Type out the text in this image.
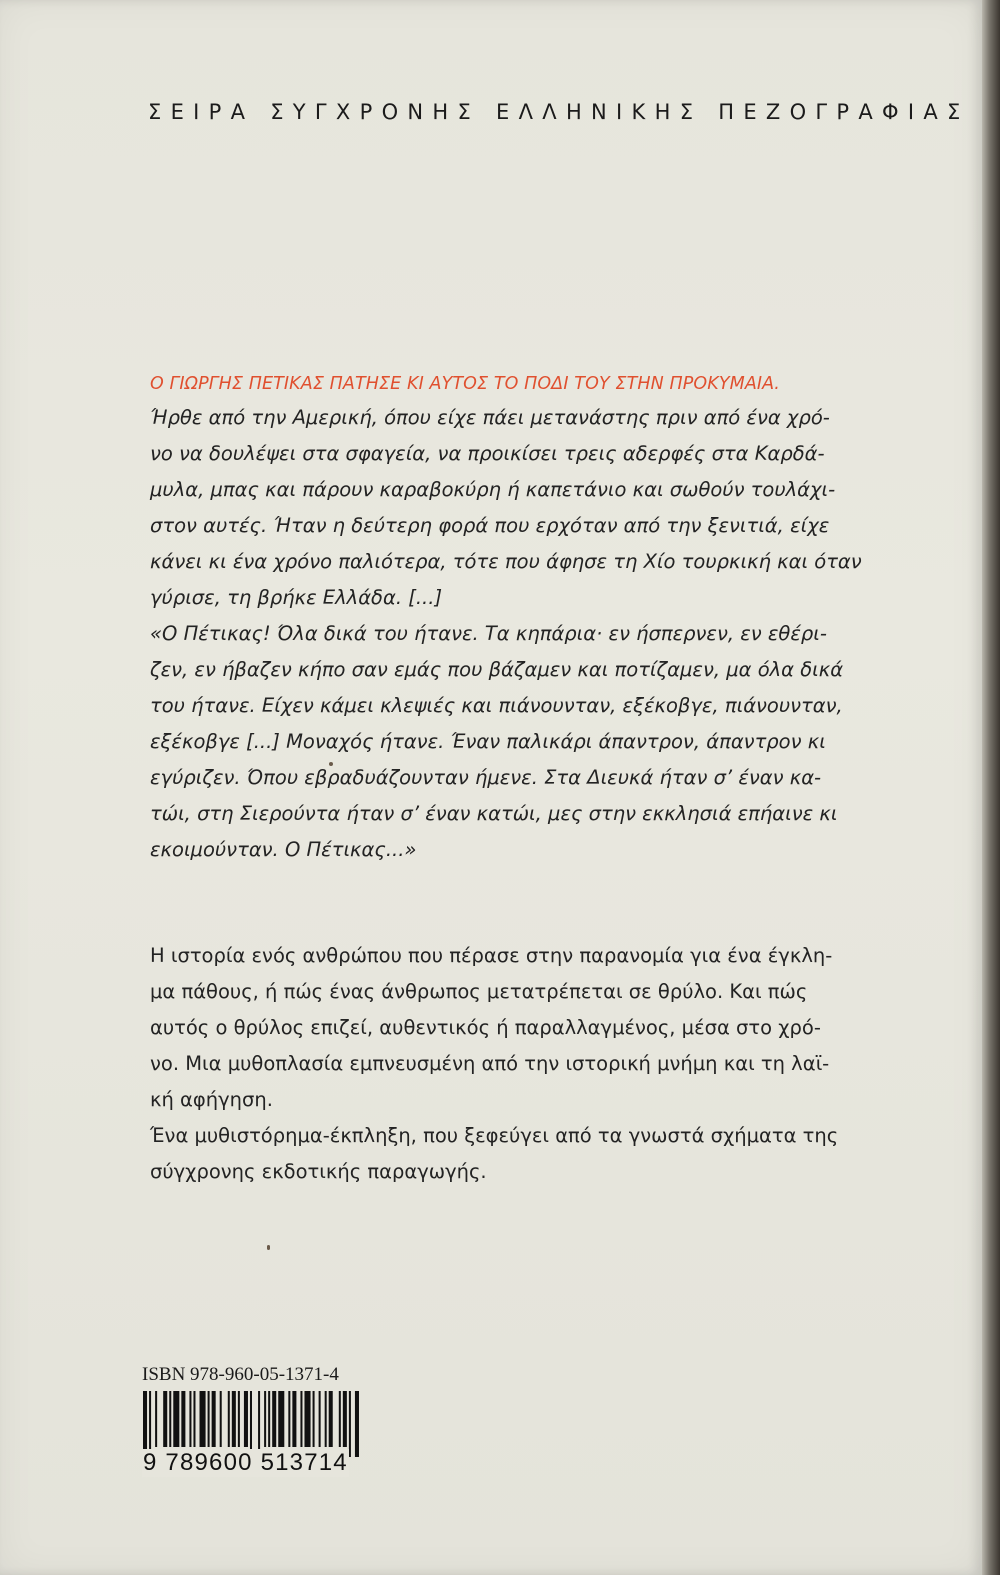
ΣΕΙΡΑ ΣΥΓΧΡΟΝΗΣ ΕΛΛΗΝΙΚΗΣ ΠΕΖΟΓΡΑΦΙΑΣ
Ο ΓΙΩΡΓΗΣ ΠΕΤΙΚΑΣ ΠΑΤΗΣΕ ΚΙ ΑΥΤΟΣ ΤΟ ΠΟΔΙ ΤΟΥ ΣΤΗΝ ΠΡΟΚΥΜΑΙΑ.
Ήρθε από την Αμερική, όπου είχε πάει μετανάστης πριν από ένα χρό-
νο να δουλέψει στα σφαγεία, να προικίσει τρεις αδερφές στα Καρδά-
μυλα, μπας και πάρουν καραβοκύρη ή καπετάνιο και σωθούν τουλάχι-
στον αυτές. Ήταν η δεύτερη φορά που ερχόταν από την ξενιτιά, είχε
κάνει κι ένα χρόνο παλιότερα, τότε που άφησε τη Χίο τουρκική και όταν
γύρισε, τη βρήκε Ελλάδα. [...]
«Ο Πέτικας! Όλα δικά του ήτανε. Τα κηπάρια· εν ήσπερνεν, εν εθέρι-
ζεν, εν ήβαζεν κήπο σαν εμάς που βάζαμεν και ποτίζαμεν, μα όλα δικά
του ήτανε. Είχεν κάμει κλεψιές και πιάνουνταν, εξέκοβγε, πιάνουνταν,
εξέκοβγε [...] Μοναχός ήτανε. Έναν παλικάρι άπαντρον, άπαντρον κι
εγύριζεν. Όπου εβραδυάζουνταν ήμενε. Στα Διευκά ήταν σ’ έναν κα-
τώι, στη Σιερούντα ήταν σ’ έναν κατώι, μες στην εκκλησιά επήαινε κι
εκοιμούνταν. Ο Πέτικας...»
Η ιστορία ενός ανθρώπου που πέρασε στην παρανομία για ένα έγκλη-
μα πάθους, ή πώς ένας άνθρωπος μετατρέπεται σε θρύλο. Και πώς
αυτός ο θρύλος επιζεί, αυθεντικός ή παραλλαγμένος, μέσα στο χρό-
νο. Μια μυθοπλασία εμπνευσμένη από την ιστορική μνήμη και τη λαϊ-
κή αφήγηση.
Ένα μυθιστόρημα-έκπληξη, που ξεφεύγει από τα γνωστά σχήματα της
σύγχρονης εκδοτικής παραγωγής.
ISBN 978-960-05-1371-4
9 789600 513714
